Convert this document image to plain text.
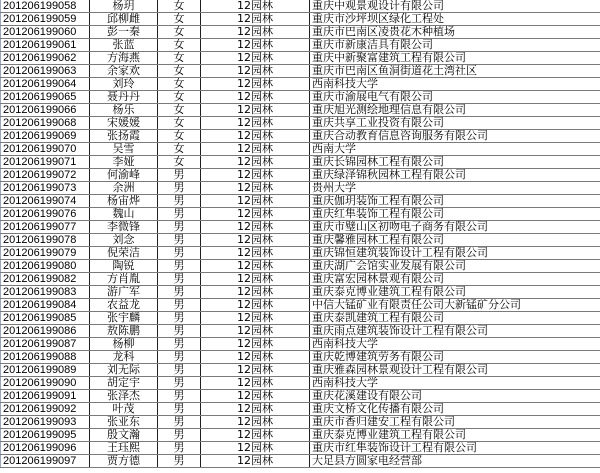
201206199058	杨玥	女	12园林	重庆中观景观设计有限公司
201206199059	邱柳雌	女	12园林	重庆市沙坪坝区绿化工程处
201206199060	彭一秦	女	12园林	重庆市巴南区凌贵花木种植场
201206199061	张蓝	女	12园林	重庆市新康洁具有限公司
201206199062	方海燕	女	12园林	重庆中新聚富建筑工程有限公司
201206199063	余家欢	女	12园林	重庆市巴南区鱼洞街道花土湾社区
201206199064	刘玲	女	12园林	西南科技大学
201206199065	聂丹丹	女	12园林	重庆市渝展电气有限公司
201206199066	杨乐	女	12园林	重庆旭光测绘地理信息有限公司
201206199068	宋媛媛	女	12园林	重庆共享工业投资有限公司
201206199069	张扬霞	女	12园林	重庆合动教育信息咨询服务有限公司
201206199070	吴雪	女	12园林	西南大学
201206199071	李娅	女	12园林	重庆长锦园林工程有限公司
201206199072	何渝峰	男	12园林	重庆绿泽锦秋园林工程有限公司
201206199073	余洲	男	12园林	贵州大学
201206199074	杨宙烨	男	12园林	重庆伽玥装饰工程有限公司
201206199076	魏山	男	12园林	重庆红隼装饰工程有限公司
201206199077	李微锋	男	12园林	重庆市璧山区初吻电子商务有限公司
201206199078	刘念	男	12园林	重庆馨雅园林工程有限公司
201206199079	倪荣洁	男	12园林	重庆锦恒建筑装饰设计工程有限公司
201206199080	陶锐	男	12园林	重庆湖广会馆实业发展有限公司
201206199082	方肖胤	男	12园林	重庆富宏园林景观有限公司
201206199083	游广军	男	12园林	重庆泰克博业建筑工程有限公司
201206199084	农益龙	男	12园林	中信大锰矿业有限责任公司大新锰矿分公司
201206199085	张宇麟	男	12园林	重庆泰凯建筑工程有限公司
201206199086	敖陈鹏	男	12园林	重庆雨点建筑装饰设计工程有限公司
201206199087	杨柳	男	12园林	西南科技大学
201206199088	龙科	男	12园林	重庆乾博建筑劳务有限公司
201206199089	刘无际	男	12园林	重庆雅森园林景观设计工程有限公司
201206199090	胡定宇	男	12园林	西南科技大学
201206199091	张泽杰	男	12园林	重庆花溪建设有限公司
201206199092	叶茂	男	12园林	重庆文桥文化传播有限公司
201206199093	张亚东	男	12园林	重庆市香归建安工程有限公司
201206199095	殷文瀚	男	12园林	重庆泰克博业建筑工程有限公司
201206199096	王珏熙	男	12园林	重庆市红隼装饰设计工程有限公司
201206199097	贾方德	男	12园林	大足县方圆家电经营部
